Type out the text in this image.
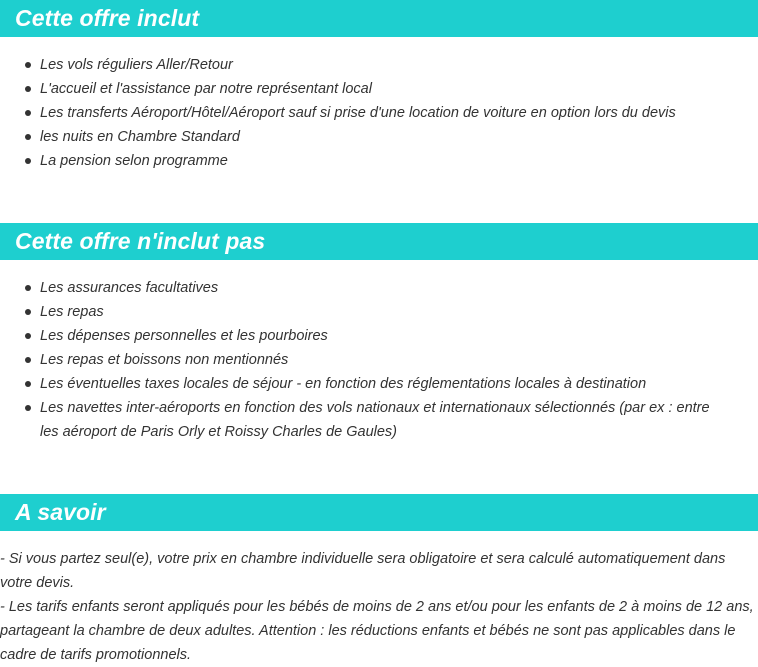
Cette offre inclut
Les vols réguliers Aller/Retour
L'accueil et l'assistance par notre représentant local
Les transferts Aéroport/Hôtel/Aéroport sauf si prise d'une location de voiture en option lors du devis
les nuits en Chambre Standard
La pension selon programme
Cette offre n'inclut pas
Les assurances facultatives
Les repas
Les dépenses personnelles et les pourboires
Les repas et boissons non mentionnés
Les éventuelles taxes locales de séjour - en fonction des réglementations locales à destination
Les navettes inter-aéroports en fonction des vols nationaux et internationaux sélectionnés (par ex : entre les aéroport de Paris Orly et Roissy Charles de Gaules)
A savoir

- Si vous partez seul(e), votre prix en chambre individuelle sera obligatoire et sera calculé automatiquement dans votre devis.

- Les tarifs enfants seront appliqués pour les bébés de moins de 2 ans et/ou pour les enfants de 2 à moins de 12 ans, partageant la chambre de deux adultes. Attention : les réductions enfants et bébés ne sont pas applicables dans le cadre de tarifs promotionnels.
